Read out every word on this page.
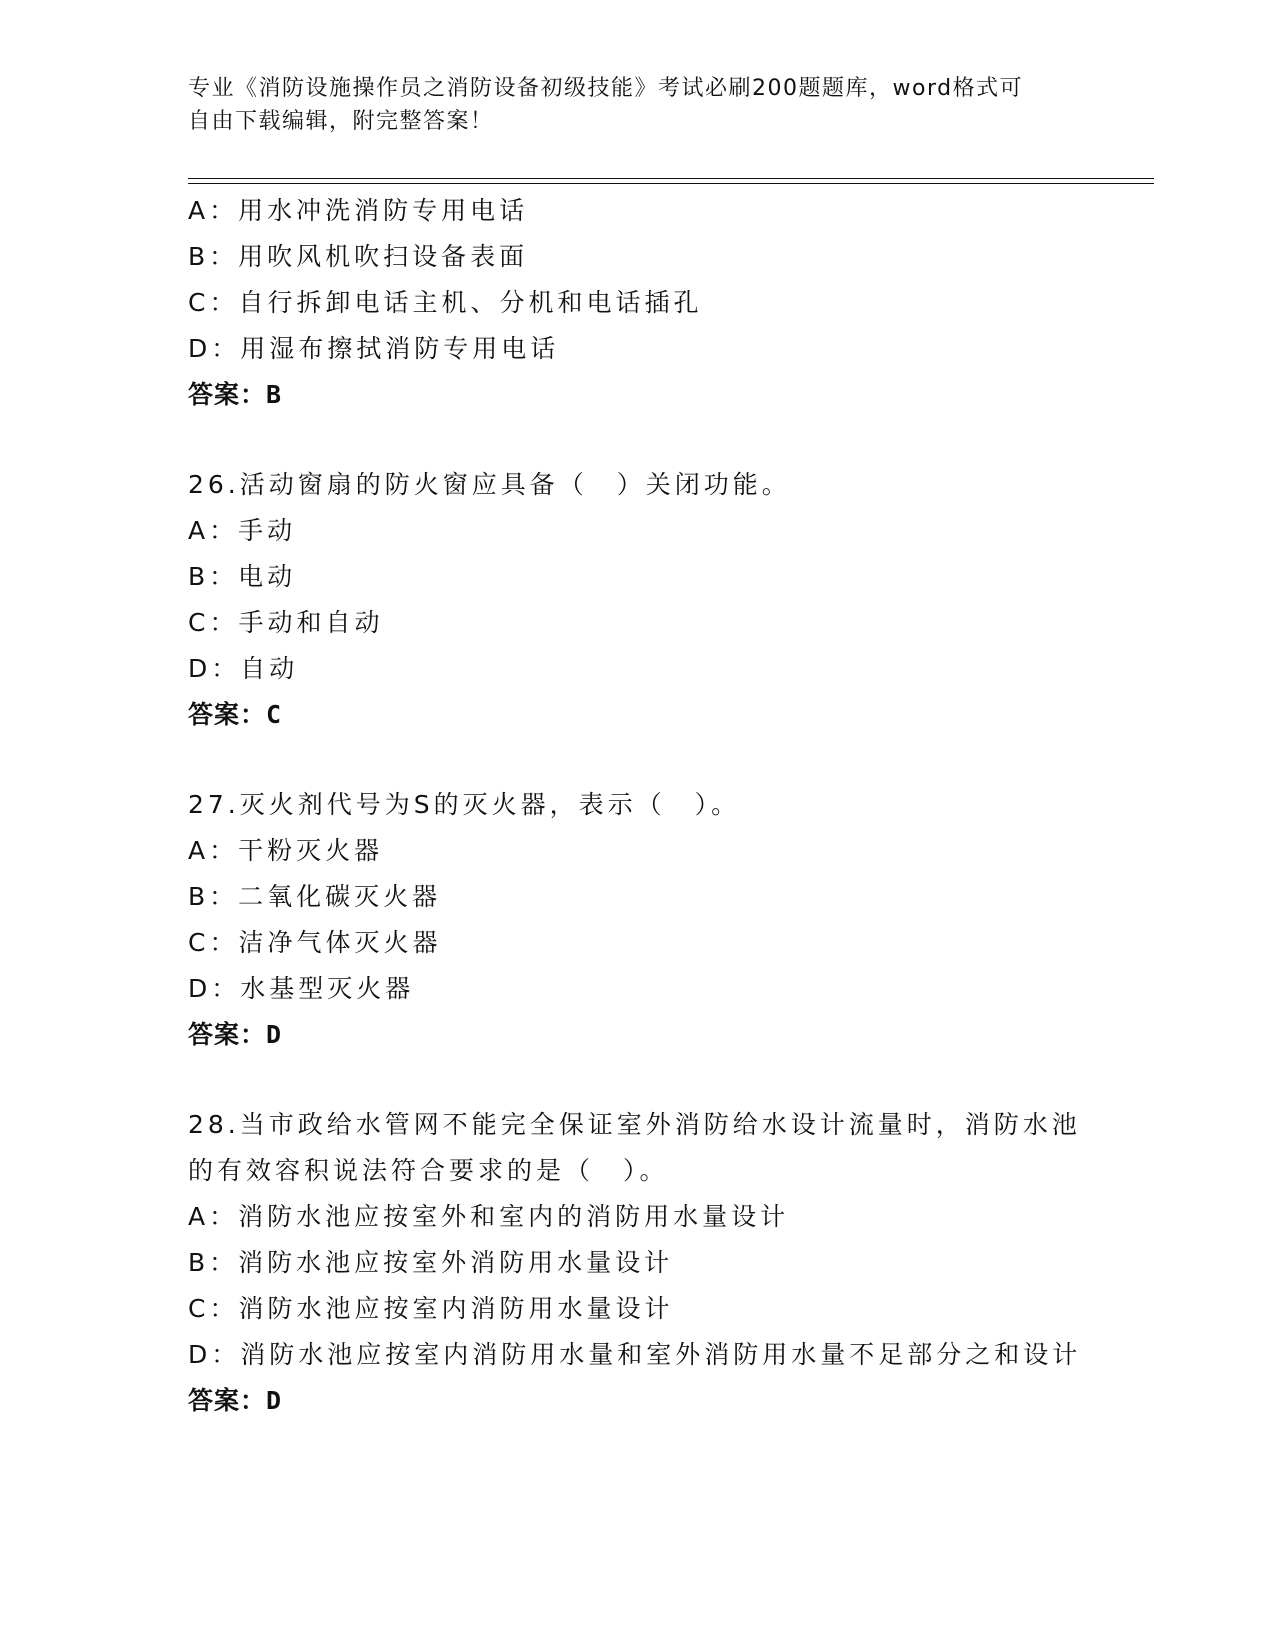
专业《消防设施操作员之消防设备初级技能》考试必刷200题题库，word格式可
自由下载编辑，附完整答案！
A：用水冲洗消防专用电话
B：用吹风机吹扫设备表面
C：自行拆卸电话主机、分机和电话插孔
D：用湿布擦拭消防专用电话
答案：B
26.活动窗扇的防火窗应具备（　）关闭功能。
A：手动
B：电动
C：手动和自动
D：自动
答案：C
27.灭火剂代号为S的灭火器，表示（　）。
A：干粉灭火器
B：二氧化碳灭火器
C：洁净气体灭火器
D：水基型灭火器
答案：D
28.当市政给水管网不能完全保证室外消防给水设计流量时，消防水池
的有效容积说法符合要求的是（　）。
A：消防水池应按室外和室内的消防用水量设计
B：消防水池应按室外消防用水量设计
C：消防水池应按室内消防用水量设计
D：消防水池应按室内消防用水量和室外消防用水量不足部分之和设计
答案：D
